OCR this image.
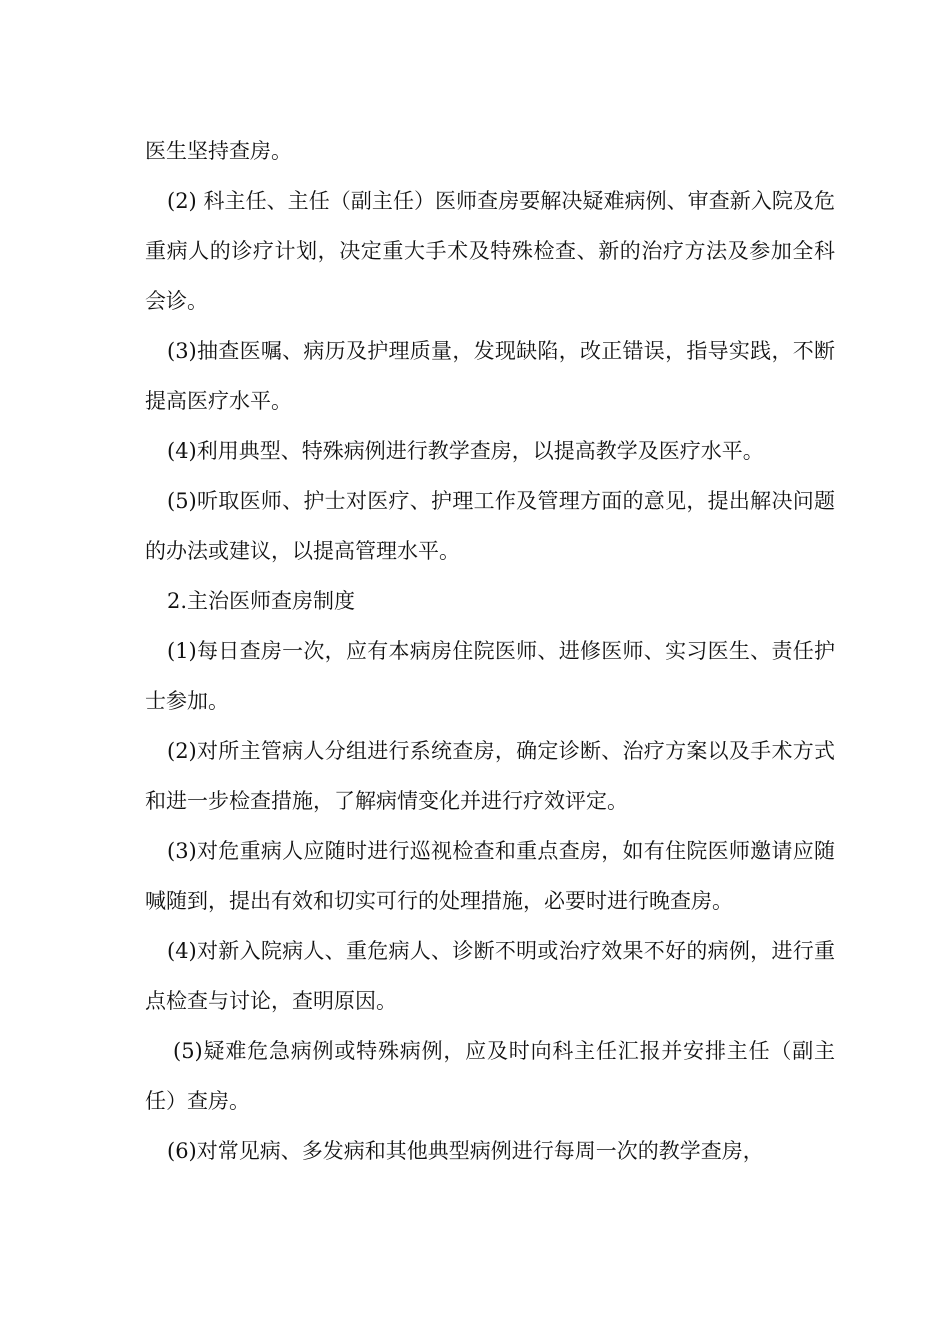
医生坚持查房。

(2) 科主任、主任（副主任）医师查房要解决疑难病例、审查新入院及危重病人的诊疗计划，决定重大手术及特殊检查、新的治疗方法及参加全科会诊。

(3)抽查医嘱、病历及护理质量，发现缺陷，改正错误，指导实践，不断提高医疗水平。

(4)利用典型、特殊病例进行教学查房，以提高教学及医疗水平。

(5)听取医师、护士对医疗、护理工作及管理方面的意见，提出解决问题的办法或建议，以提高管理水平。

2.主治医师查房制度

(1)每日查房一次，应有本病房住院医师、进修医师、实习医生、责任护士参加。

(2)对所主管病人分组进行系统查房，确定诊断、治疗方案以及手术方式和进一步检查措施，了解病情变化并进行疗效评定。

(3)对危重病人应随时进行巡视检查和重点查房，如有住院医师邀请应随喊随到，提出有效和切实可行的处理措施，必要时进行晚查房。

(4)对新入院病人、重危病人、诊断不明或治疗效果不好的病例，进行重点检查与讨论，查明原因。

(5)疑难危急病例或特殊病例，应及时向科主任汇报并安排主任（副主任）查房。

(6)对常见病、多发病和其他典型病例进行每周一次的教学查房，
